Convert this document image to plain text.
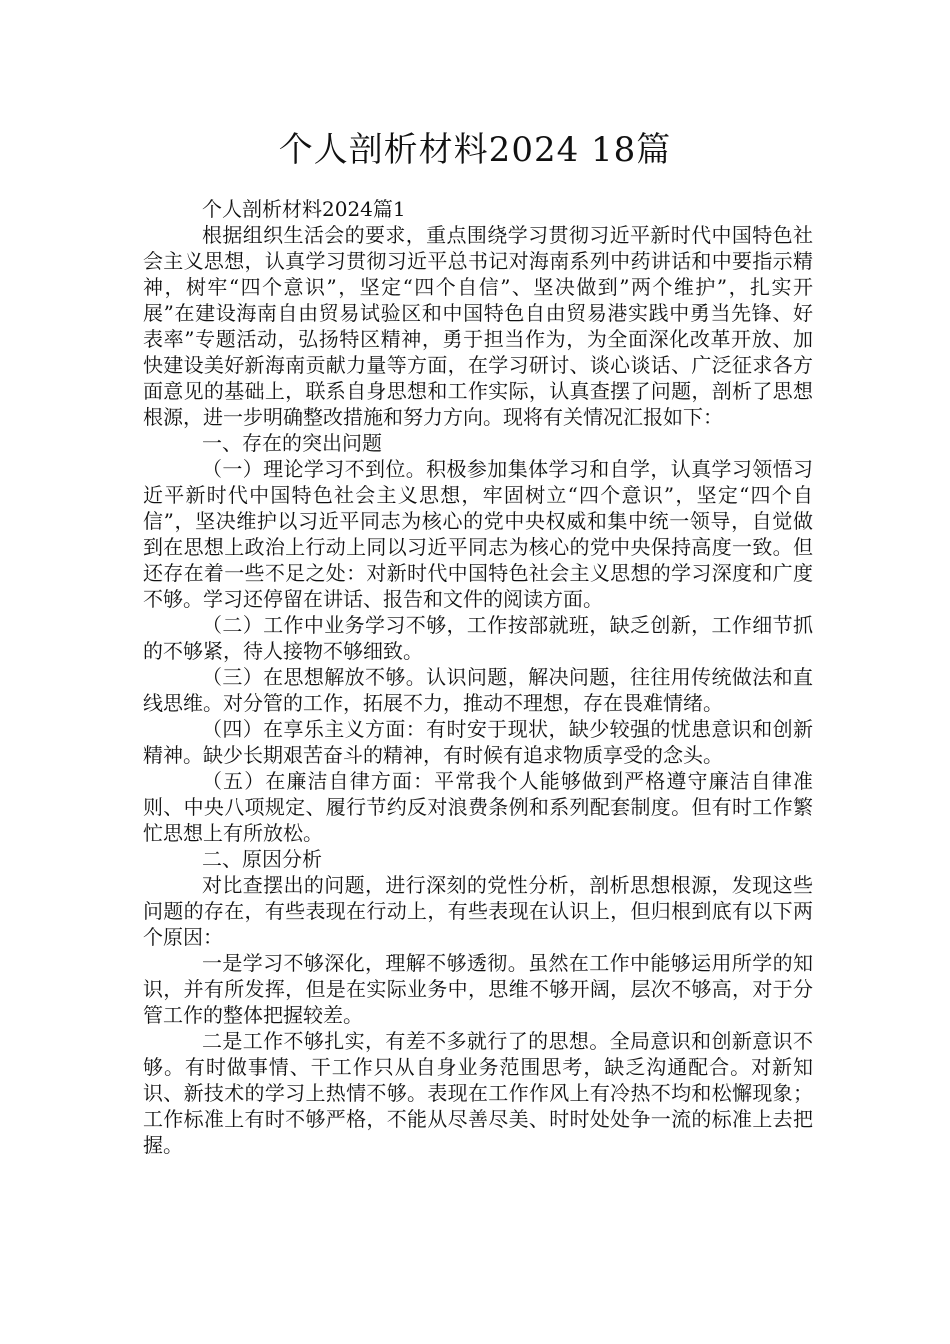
个人剖析材料2024 18篇

个人剖析材料2024篇1

根据组织生活会的要求，重点围绕学习贯彻习近平新时代中国特色社会主义思想，认真学习贯彻习近平总书记对海南系列中药讲话和中要指示精神，树牢“四个意识”，坚定“四个自信”、坚决做到”两个维护”，扎实开展”在建设海南自由贸易试验区和中国特色自由贸易港实践中勇当先锋、好表率”专题活动，弘扬特区精神，勇于担当作为，为全面深化改革开放、加快建设美好新海南贡献力量等方面，在学习研讨、谈心谈话、广泛征求各方面意见的基础上，联系自身思想和工作实际，认真查摆了问题，剖析了思想根源，进一步明确整改措施和努力方向。现将有关情况汇报如下：

一、存在的突出问题

（一）理论学习不到位。积极参加集体学习和自学，认真学习领悟习近平新时代中国特色社会主义思想，牢固树立“四个意识”，坚定“四个自信”，坚决维护以习近平同志为核心的党中央权威和集中统一领导，自觉做到在思想上政治上行动上同以习近平同志为核心的党中央保持高度一致。但还存在着一些不足之处：对新时代中国特色社会主义思想的学习深度和广度不够。学习还停留在讲话、报告和文件的阅读方面。

（二）工作中业务学习不够，工作按部就班，缺乏创新，工作细节抓的不够紧，待人接物不够细致。

（三）在思想解放不够。认识问题，解决问题，往往用传统做法和直线思维。对分管的工作，拓展不力，推动不理想，存在畏难情绪。

（四）在享乐主义方面：有时安于现状，缺少较强的忧患意识和创新精神。缺少长期艰苦奋斗的精神，有时候有追求物质享受的念头。

（五）在廉洁自律方面：平常我个人能够做到严格遵守廉洁自律准则、中央八项规定、履行节约反对浪费条例和系列配套制度。但有时工作繁忙思想上有所放松。

二、原因分析

对比查摆出的问题，进行深刻的党性分析，剖析思想根源，发现这些问题的存在，有些表现在行动上，有些表现在认识上，但归根到底有以下两个原因：

一是学习不够深化，理解不够透彻。虽然在工作中能够运用所学的知识，并有所发挥，但是在实际业务中，思维不够开阔，层次不够高，对于分管工作的整体把握较差。

二是工作不够扎实，有差不多就行了的思想。全局意识和创新意识不够。有时做事情、干工作只从自身业务范围思考，缺乏沟通配合。对新知识、新技术的学习上热情不够。表现在工作作风上有冷热不均和松懈现象；工作标准上有时不够严格，不能从尽善尽美、时时处处争一流的标准上去把握。
